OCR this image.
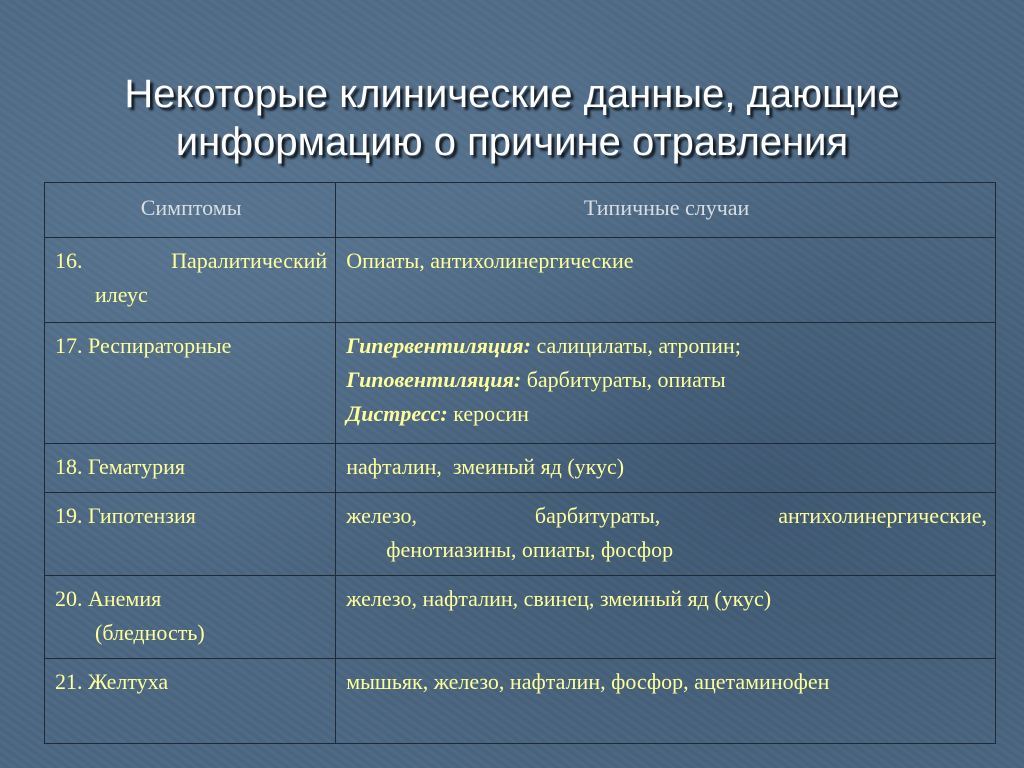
Некоторые клинические данные, дающие
информацию о причине отравления
Симптомы	Типичные случаи

16. Паралитический
илеус	Опиаты, антихолинергические
17. Респираторные	Гипервентиляция: салицилаты, атропин;
Гиповентиляция: барбитураты, опиаты
Дистресс: керосин
18. Гематурия	нафталин,  змеиный яд (укус)
19. Гипотензия	железо, барбитураты, антихолинергические,
фенотиазины, опиаты, фосфор

20. Анемия
(бледность)	железо, нафталин, свинец, змеиный яд (укус)
21. Желтуха	мышьяк, железо, нафталин, фосфор, ацетаминофен
